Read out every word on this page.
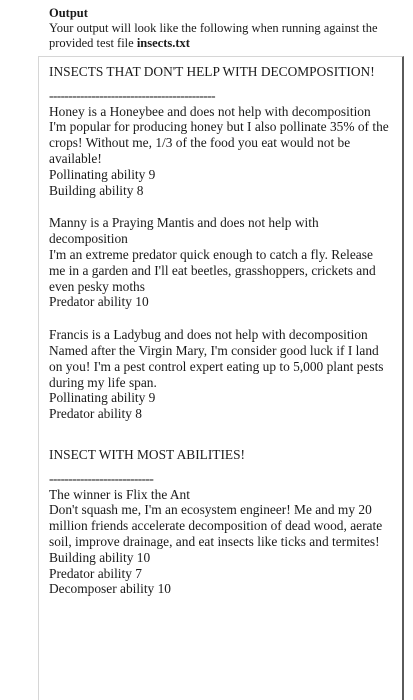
Output
Your output will look like the following when running against the provided test file insects.txt

INSECTS THAT DON'T HELP WITH DECOMPOSITION!

-------------------------------------------

Honey is a Honeybee and does not help with decomposition

I'm popular for producing honey but I also pollinate 35% of the crops! Without me, 1/3 of the food you eat would not be available!

Pollinating ability 9

Building ability 8

Manny is a Praying Mantis and does not help with decomposition

I'm an extreme predator quick enough to catch a fly. Release me in a garden and I'll eat beetles, grasshoppers, crickets and even pesky moths

Predator ability 10

Francis is a Ladybug and does not help with decomposition

Named after the Virgin Mary, I'm consider good luck if I land on you! I'm a pest control expert eating up to 5,000 plant pests during my life span.

Pollinating ability 9

Predator ability 8

INSECT WITH MOST ABILITIES!

---------------------------

The winner is Flix the Ant

Don't squash me, I'm an ecosystem engineer! Me and my 20 million friends accelerate decomposition of dead wood, aerate soil, improve drainage, and eat insects like ticks and termites!

Building ability 10

Predator ability 7

Decomposer ability 10
